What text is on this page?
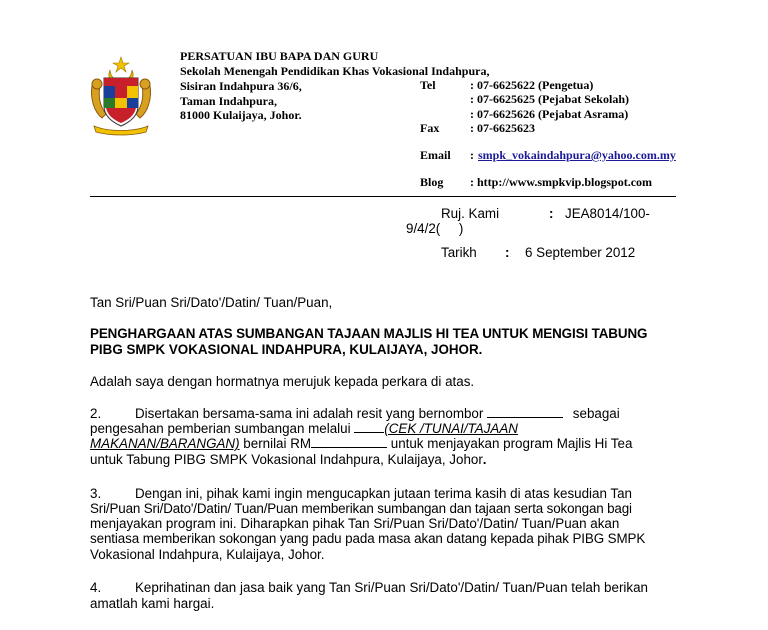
PERSATUAN IBU BAPA DAN GURU
Sekolah Menengah Pendidikan Khas Vokasional Indahpura,
Sisiran Indahpura 36/6,
Taman Indahpura,
81000 Kulaijaya, Johor.
Tel	: 07-6625622 (Pengetua)
: 07-6625625 (Pejabat Sekolah)
: 07-6625626 (Pejabat Asrama)
Fax	: 07-6625623
Email : smpk_vokaindahpura@yahoo.com.my
Blog : http://www.smpkvip.blogspot.com
Ruj. Kami	: JEA8014/100-
9/4/2(     )
Tarikh : 6 September 2012
Tan Sri/Puan Sri/Dato'/Datin/ Tuan/Puan,
PENGHARGAAN ATAS SUMBANGAN TAJAAN MAJLIS HI TEA UNTUK MENGISI TABUNG
PIBG SMPK VOKASIONAL INDAHPURA, KULAIJAYA, JOHOR.
Adalah saya dengan hormatnya merujuk kepada perkara di atas.
2.	Disertakan bersama-sama ini adalah resit yang bernombor	sebagai
pengesahan pemberian sumbangan melalui	(CEK /TUNAI/TAJAAN
MAKANAN/BARANGAN) bernilai RM	untuk menjayakan program Majlis Hi Tea
untuk Tabung PIBG SMPK Vokasional Indahpura, Kulaijaya, Johor.
3.	Dengan ini, pihak kami ingin mengucapkan jutaan terima kasih di atas kesudian Tan
Sri/Puan Sri/Dato'/Datin/ Tuan/Puan memberikan sumbangan dan tajaan serta sokongan bagi
menjayakan program ini. Diharapkan pihak Tan Sri/Puan Sri/Dato'/Datin/ Tuan/Puan akan
sentiasa memberikan sokongan yang padu pada masa akan datang kepada pihak PIBG SMPK
Vokasional Indahpura, Kulaijaya, Johor.
4.	Keprihatinan dan jasa baik yang Tan Sri/Puan Sri/Dato'/Datin/ Tuan/Puan telah berikan
amatlah kami hargai.
